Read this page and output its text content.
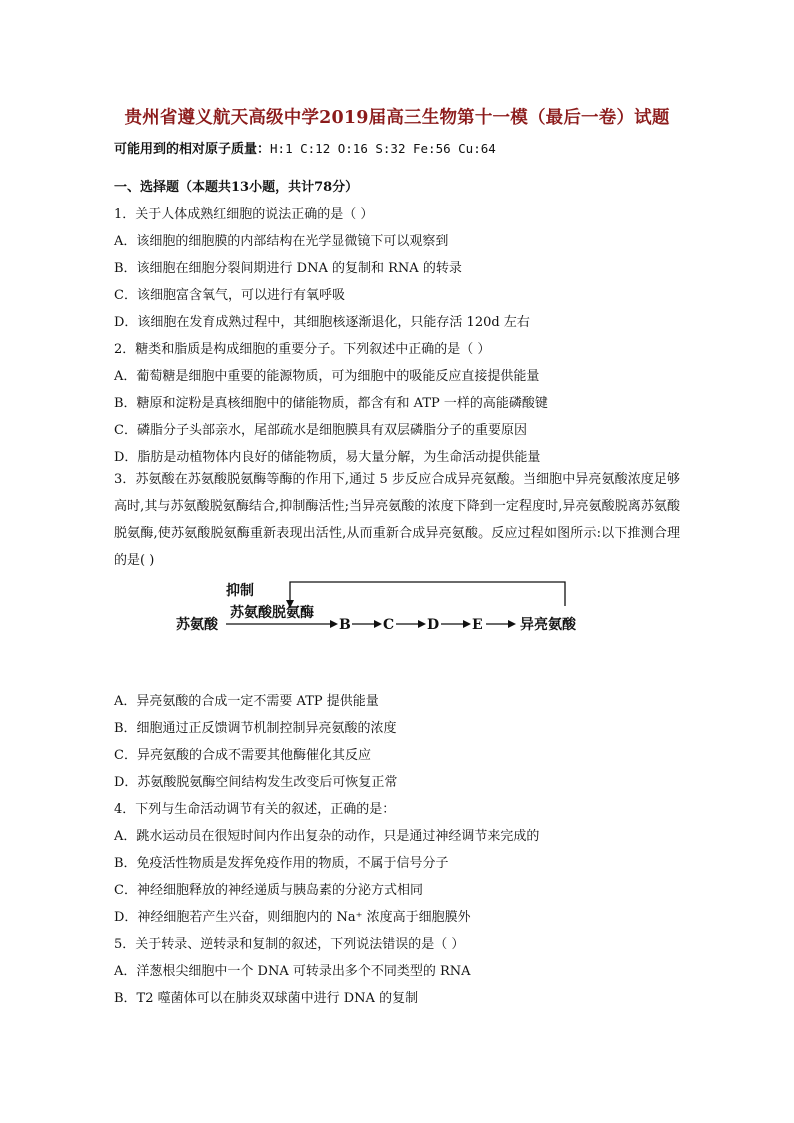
贵州省遵义航天高级中学2019届高三生物第十一模（最后一卷）试题
可能用到的相对原子质量：H:1 C:12 O:16 S:32 Fe:56 Cu:64
一、选择题（本题共13小题，共计78分）
1．关于人体成熟红细胞的说法正确的是（ ）
A．该细胞的细胞膜的内部结构在光学显微镜下可以观察到
B．该细胞在细胞分裂间期进行 DNA 的复制和 RNA 的转录
C．该细胞富含氧气，可以进行有氧呼吸
D．该细胞在发育成熟过程中，其细胞核逐渐退化，只能存活 120d 左右
2．糖类和脂质是构成细胞的重要分子。下列叙述中正确的是（ ）
A．葡萄糖是细胞中重要的能源物质，可为细胞中的吸能反应直接提供能量
B．糖原和淀粉是真核细胞中的储能物质，都含有和 ATP 一样的高能磷酸键
C．磷脂分子头部亲水，尾部疏水是细胞膜具有双层磷脂分子的重要原因
D．脂肪是动植物体内良好的储能物质，易大量分解，为生命活动提供能量
3．苏氨酸在苏氨酸脱氨酶等酶的作用下,通过 5 步反应合成异亮氨酸。当细胞中异亮氨酸浓度足够高时,其与苏氨酸脱氨酶结合,抑制酶活性;当异亮氨酸的浓度下降到一定程度时,异亮氨酸脱离苏氨酸脱氨酶,使苏氨酸脱氨酶重新表现出活性,从而重新合成异亮氨酸。反应过程如图所示:以下推测合理的是( )
抑制
苏氨酸
苏氨酸脱氨酶
B C D E	异亮氨酸
A．异亮氨酸的合成一定不需要 ATP 提供能量
B．细胞通过正反馈调节机制控制异亮氨酸的浓度
C．异亮氨酸的合成不需要其他酶催化其反应
D．苏氨酸脱氨酶空间结构发生改变后可恢复正常
4．下列与生命活动调节有关的叙述，正确的是：
A．跳水运动员在很短时间内作出复杂的动作，只是通过神经调节来完成的
B．免疫活性物质是发挥免疫作用的物质，不属于信号分子
C．神经细胞释放的神经递质与胰岛素的分泌方式相同
D．神经细胞若产生兴奋，则细胞内的 Na⁺ 浓度高于细胞膜外
5．关于转录、逆转录和复制的叙述，下列说法错误的是（ ）
A．洋葱根尖细胞中一个 DNA 可转录出多个不同类型的 RNA
B．T2 噬菌体可以在肺炎双球菌中进行 DNA 的复制
